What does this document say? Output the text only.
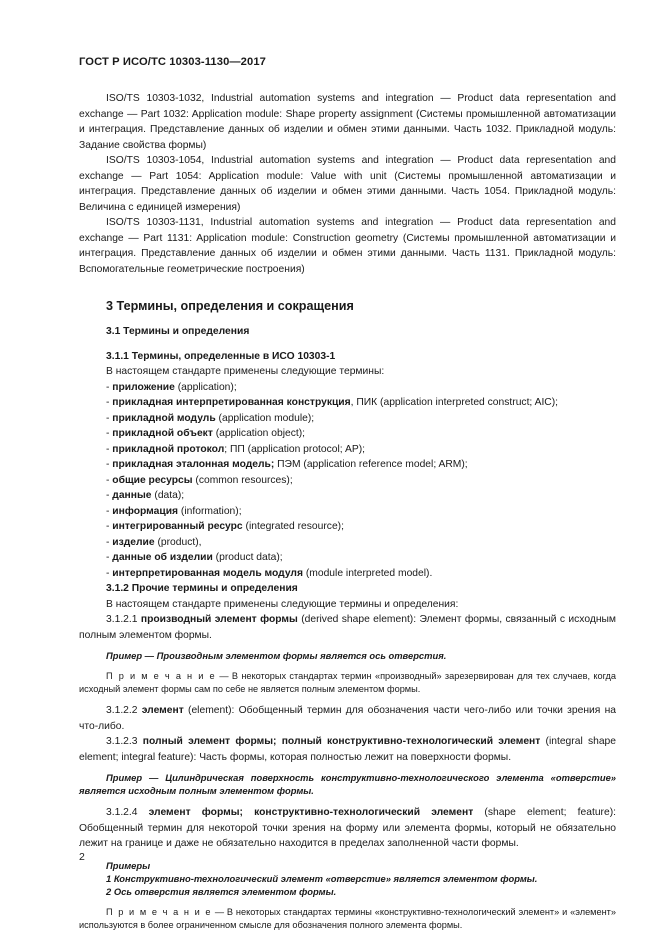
ГОСТ Р ИСО/ТС 10303-1130—2017

ISO/TS 10303-1032, Industrial automation systems and integration — Product data representation and exchange — Part 1032: Application module: Shape property assignment (Системы промышленной автоматизации и интеграция. Представление данных об изделии и обмен этими данными. Часть 1032. Прикладной модуль: Задание свойства формы)

ISO/TS 10303-1054, Industrial automation systems and integration — Product data representation and exchange — Part 1054: Application module: Value with unit (Системы промышленной автоматизации и интеграция. Представление данных об изделии и обмен этими данными. Часть 1054. Прикладной модуль: Величина с единицей измерения)

ISO/TS 10303-1131, Industrial automation systems and integration — Product data representation and exchange — Part 1131: Application module: Construction geometry (Системы промышленной автоматизации и интеграция. Представление данных об изделии и обмен этими данными. Часть 1131. Прикладной модуль: Вспомогательные геометрические построения)

3 Термины, определения и сокращения

3.1 Термины и определения

3.1.1 Термины, определенные в ИСО 10303-1

В настоящем стандарте применены следующие термины:

- приложение (application);

- прикладная интерпретированная конструкция, ПИК (application interpreted construct; AIC);

- прикладной модуль (application module);

- прикладной объект (application object);

- прикладной протокол; ПП (application protocol; AP);

- прикладная эталонная модель; ПЭМ (application reference model; ARM);

- общие ресурсы (common resources);

- данные (data);

- информация (information);

- интегрированный ресурс (integrated resource);

- изделие (product),

- данные об изделии (product data);

- интерпретированная модель модуля (module interpreted model).

3.1.2 Прочие термины и определения

В настоящем стандарте применены следующие термины и определения:

3.1.2.1 производный элемент формы (derived shape element): Элемент формы, связанный с исходным полным элементом формы.

Пример — Производным элементом формы является ось отверстия.

П р и м е ч а н и е — В некоторых стандартах термин «производный» зарезервирован для тех случаев, когда исходный элемент формы сам по себе не является полным элементом формы.

3.1.2.2 элемент (element): Обобщенный термин для обозначения части чего-либо или точки зрения на что-либо.

3.1.2.3 полный элемент формы; полный конструктивно-технологический элемент (integral shape element; integral feature): Часть формы, которая полностью лежит на поверхности формы.

Пример — Цилиндрическая поверхность конструктивно-технологического элемента «отверстие» является исходным полным элементом формы.

3.1.2.4 элемент формы; конструктивно-технологический элемент (shape element; feature): Обобщенный термин для некоторой точки зрения на форму или элемента формы, который не обязательно лежит на границе и даже не обязательно находится в пределах заполненной части формы.

Примеры

1 Конструктивно-технологический элемент «отверстие» является элементом формы.

2 Ось отверстия является элементом формы.

П р и м е ч а н и е — В некоторых стандартах термины «конструктивно-технологический элемент» и «элемент» используются в более ограниченном смысле для обозначения полного элемента формы.

2
